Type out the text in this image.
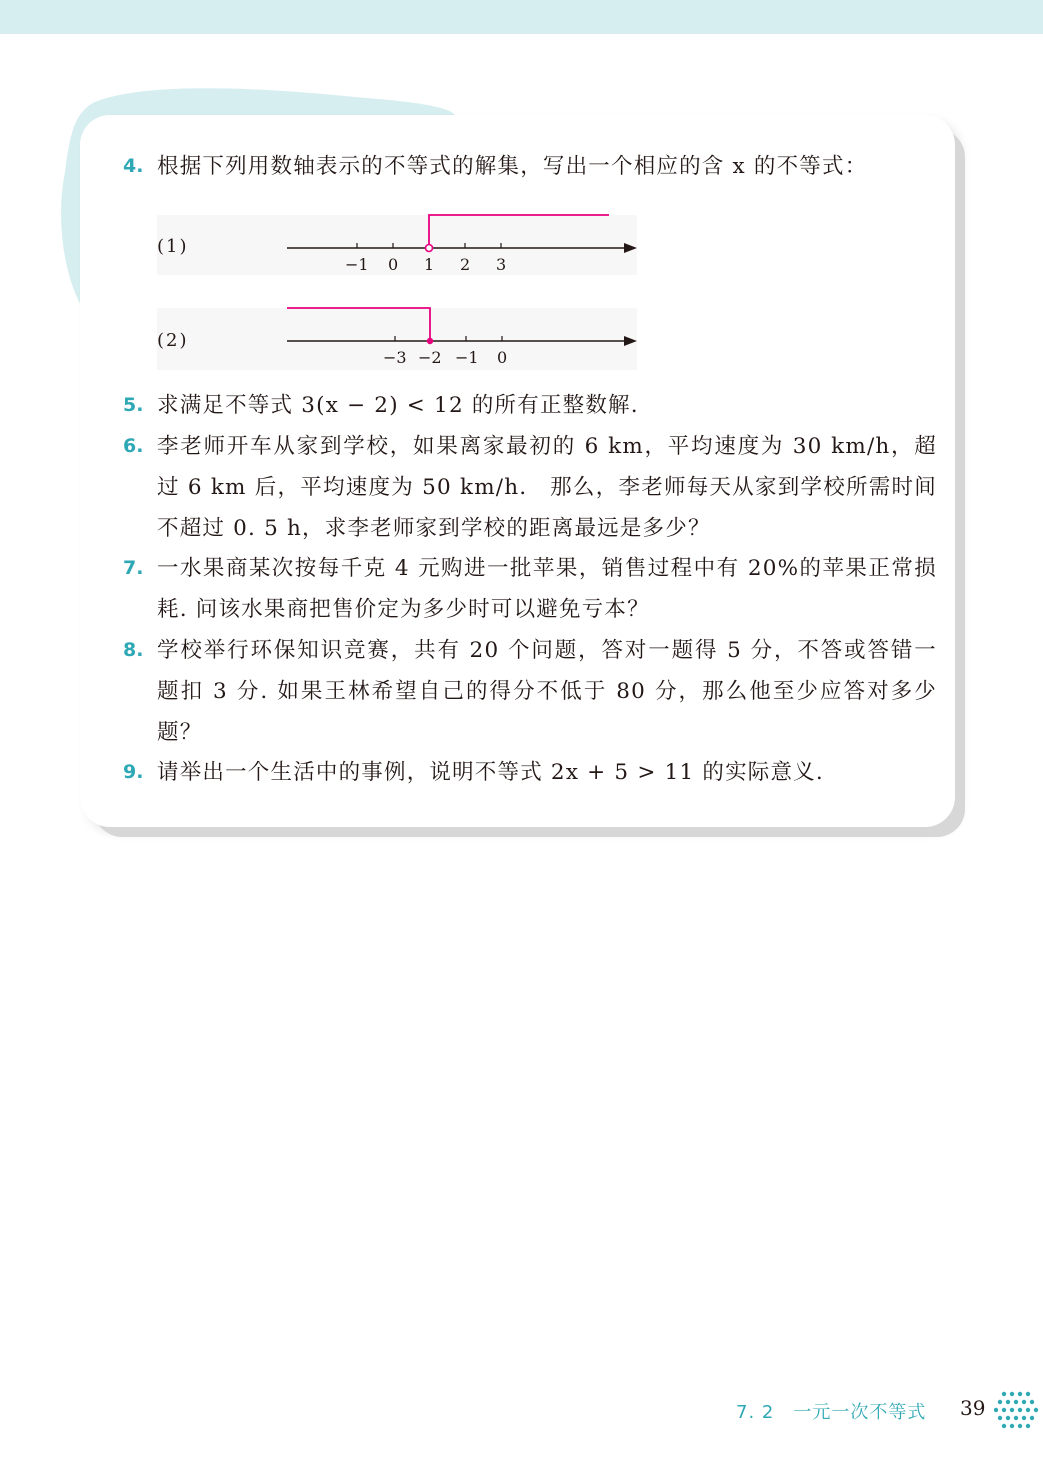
4. 根据下列用数轴表示的不等式的解集，写出一个相应的含 x 的不等式：
(1)
−1 0 1 2 3
−3 −2 −1 0
(2)
5. 求满足不等式 3(x − 2) < 12 的所有正整数解.
6. 李老师开车从家到学校，如果离家最初的 6 km，平均速度为 30 km/h，超过 6 km 后，平均速度为 50 km/h． 那么，李老师每天从家到学校所需时间不超过 0. 5 h，求李老师家到学校的距离最远是多少？
7. 一水果商某次按每千克 4 元购进一批苹果，销售过程中有 20%的苹果正常损耗. 问该水果商把售价定为多少时可以避免亏本？
8. 学校举行环保知识竞赛，共有 20 个问题，答对一题得 5 分，不答或答错一题扣 3 分. 如果王林希望自己的得分不低于 80 分，那么他至少应答对多少题？
9. 请举出一个生活中的事例，说明不等式 2x + 5 > 11 的实际意义.
7. 2　一元一次不等式 39
